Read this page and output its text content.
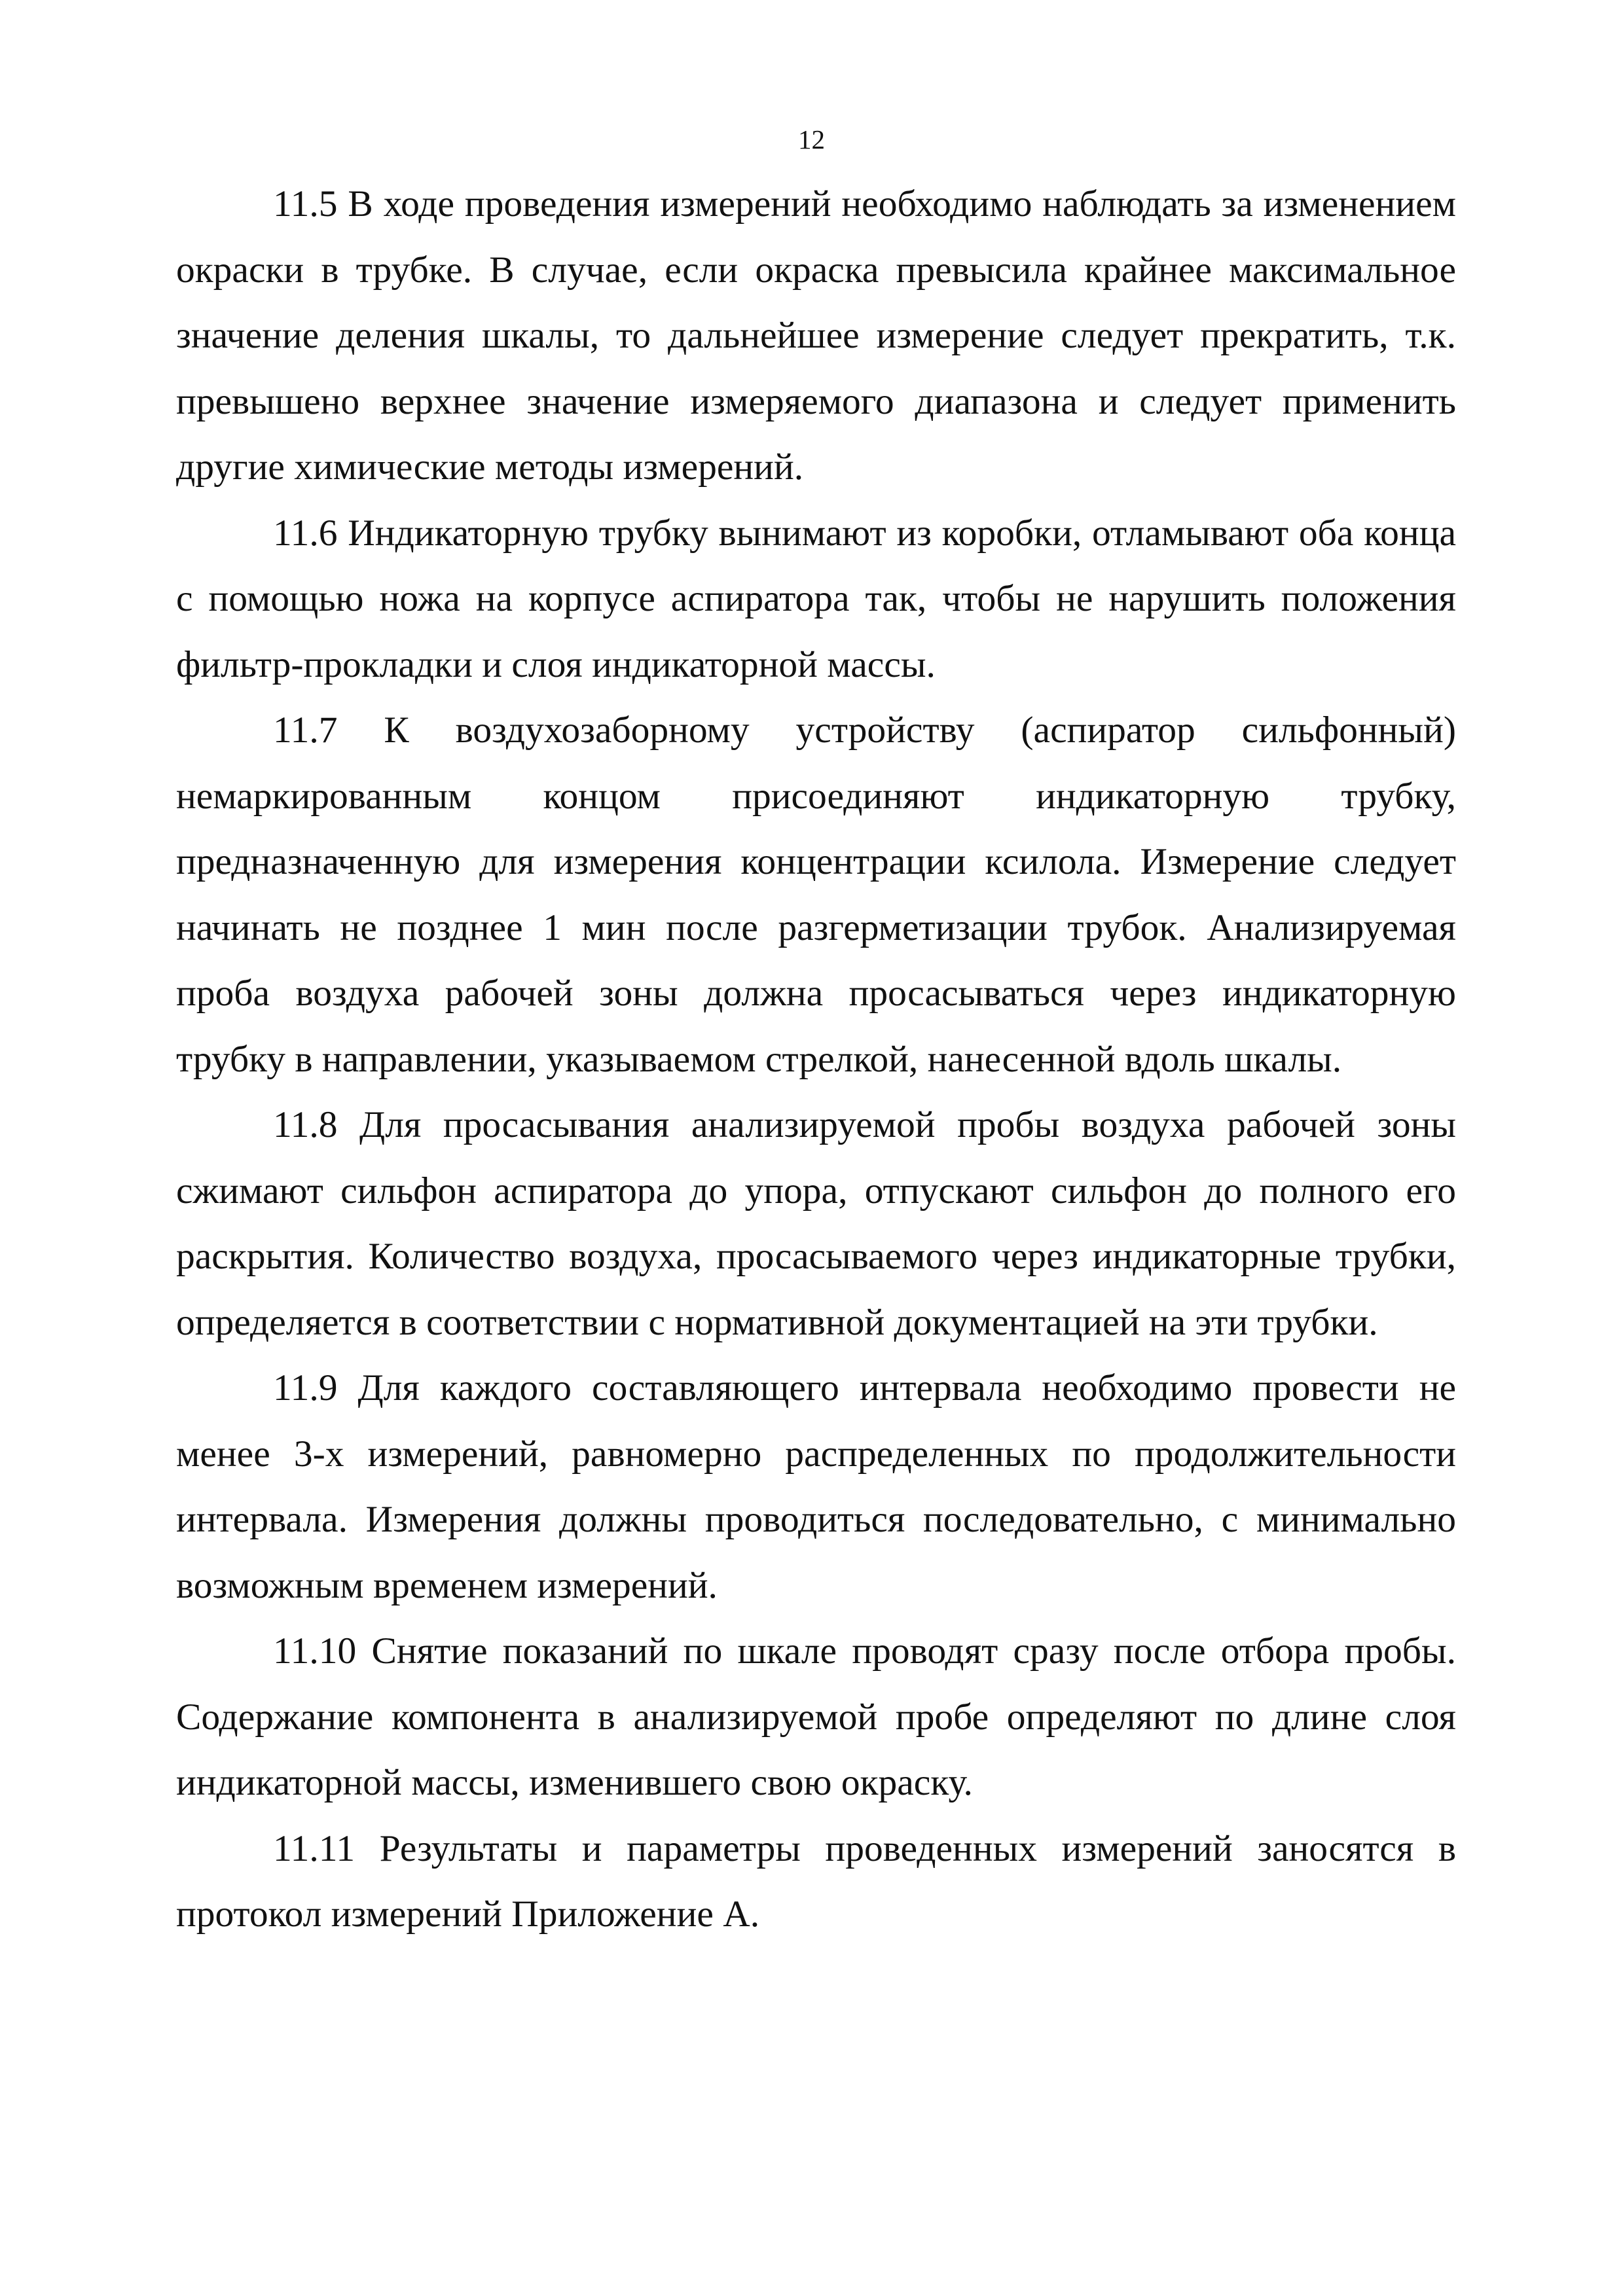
12

11.5 В ходе проведения измерений необходимо наблюдать за изменением окраски в трубке. В случае, если окраска превысила крайнее максимальное значение деления шкалы, то дальнейшее измерение следует прекратить, т.к. превышено верхнее значение измеряемого диапазона и следует применить другие химические методы измерений.

11.6 Индикаторную трубку вынимают из коробки, отламывают оба конца с помощью ножа на корпусе аспиратора так, чтобы не нарушить положения фильтр-прокладки и слоя индикаторной массы.

11.7 К воздухозаборному устройству (аспиратор сильфонный) немаркированным концом присоединяют индикаторную трубку, предназначенную для измерения концентрации ксилола. Измерение следует начинать не позднее 1 мин после разгерметизации трубок. Анализируемая проба воздуха рабочей зоны должна просасываться через индикаторную трубку в направлении, указываемом стрелкой, нанесенной вдоль шкалы.

11.8 Для просасывания анализируемой пробы воздуха рабочей зоны сжимают сильфон аспиратора до упора, отпускают сильфон до полного его раскрытия. Количество воздуха, просасываемого через индикаторные трубки, определяется в соответствии с нормативной документацией на эти трубки.

11.9 Для каждого составляющего интервала необходимо провести не менее 3-х измерений, равномерно распределенных по продолжительности интервала. Измерения должны проводиться последовательно, с минимально возможным временем измерений.

11.10 Снятие показаний по шкале проводят сразу после отбора пробы. Содержание компонента в анализируемой пробе определяют по длине слоя индикаторной массы, изменившего свою окраску.

11.11 Результаты и параметры проведенных измерений заносятся в протокол измерений Приложение А.
